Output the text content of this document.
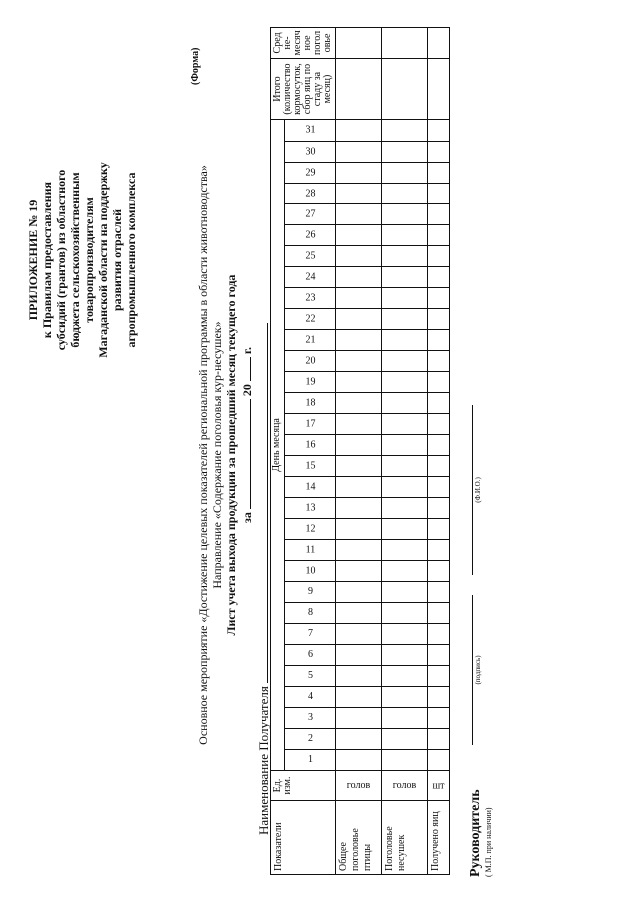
ПРИЛОЖЕНИЕ № 19 к Правилам предоставления субсидий (грантов) из областного бюджета сельскохозяйственным товаропроизводителям Магаданской области на поддержку развития отраслей агропромышленного комплекса
(Форма)
Основное мероприятие «Достижение целевых показателей региональной программы в области животноводства» Направление «Содержание поголовья кур-несушек» Лист учета выхода продукции за прошедший месяц текущего года за  20  г.
Наименование Получателя
Показатели	Ед. изм.	День месяца																															Итого (количество кормосуток, сбор яиц по стаду за месяц)	Сред не- месяч ное погол овье
		1	2	3	4	5	6	7	8	9	10	11	12	13	14	15	16	17	18	19	20	21	22	23	24	25	26	27	28	29	30	31		
Общее поголовье птицы	голов																																	
Поголовье несушек	голов																																	
Получено яиц	шт																																	
Руководитель ( М.П. при наличии)
(подпись)
(Ф.И.О.)
